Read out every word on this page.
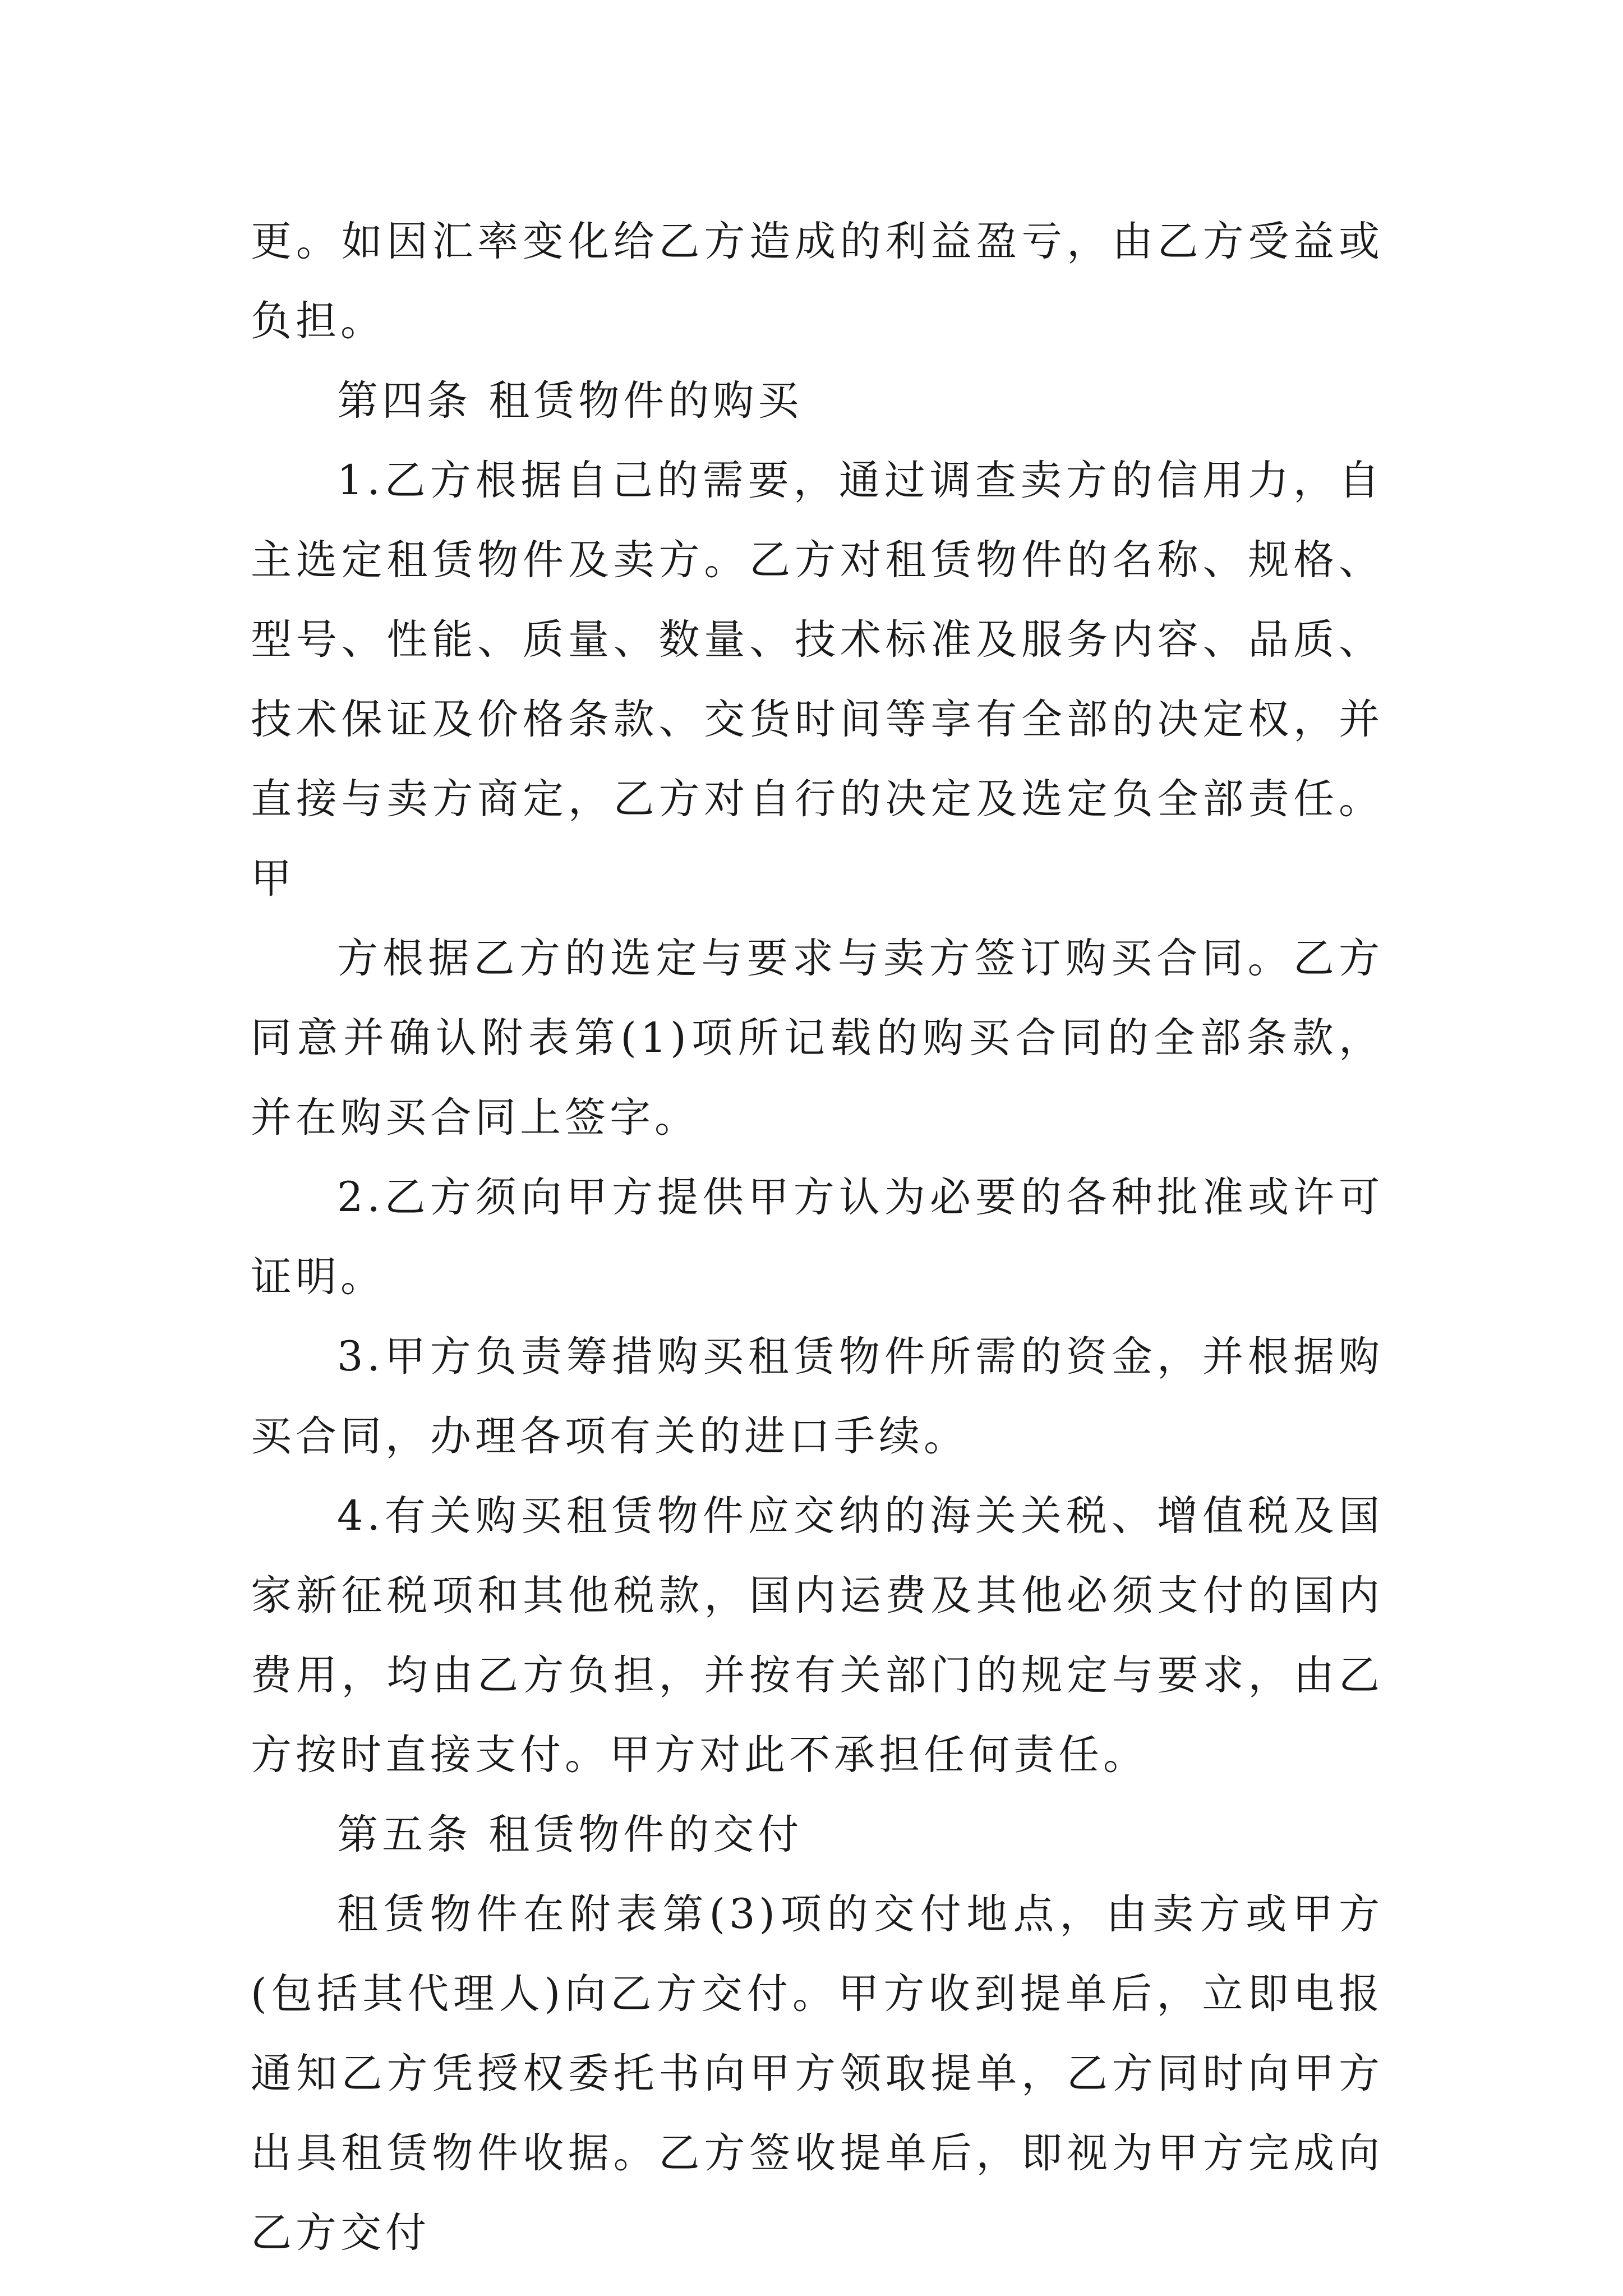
更。如因汇率变化给乙方造成的利益盈亏，由乙方受益或负担。

第四条 租赁物件的购买

1.乙方根据自己的需要，通过调查卖方的信用力，自主选定租赁物件及卖方。乙方对租赁物件的名称、规格、型号、性能、质量、数量、技术标准及服务内容、品质、技术保证及价格条款、交货时间等享有全部的决定权，并直接与卖方商定，乙方对自行的决定及选定负全部责任。甲

方根据乙方的选定与要求与卖方签订购买合同。乙方同意并确认附表第(1)项所记载的购买合同的全部条款，并在购买合同上签字。

2.乙方须向甲方提供甲方认为必要的各种批准或许可证明。

3.甲方负责筹措购买租赁物件所需的资金，并根据购买合同，办理各项有关的进口手续。

4.有关购买租赁物件应交纳的海关关税、增值税及国家新征税项和其他税款，国内运费及其他必须支付的国内费用，均由乙方负担，并按有关部门的规定与要求，由乙方按时直接支付。甲方对此不承担任何责任。

第五条 租赁物件的交付

租赁物件在附表第(3)项的交付地点，由卖方或甲方(包括其代理人)向乙方交付。甲方收到提单后，立即电报通知乙方凭授权委托书向甲方领取提单，乙方同时向甲方出具租赁物件收据。乙方签收提单后，即视为甲方完成向乙方交付
